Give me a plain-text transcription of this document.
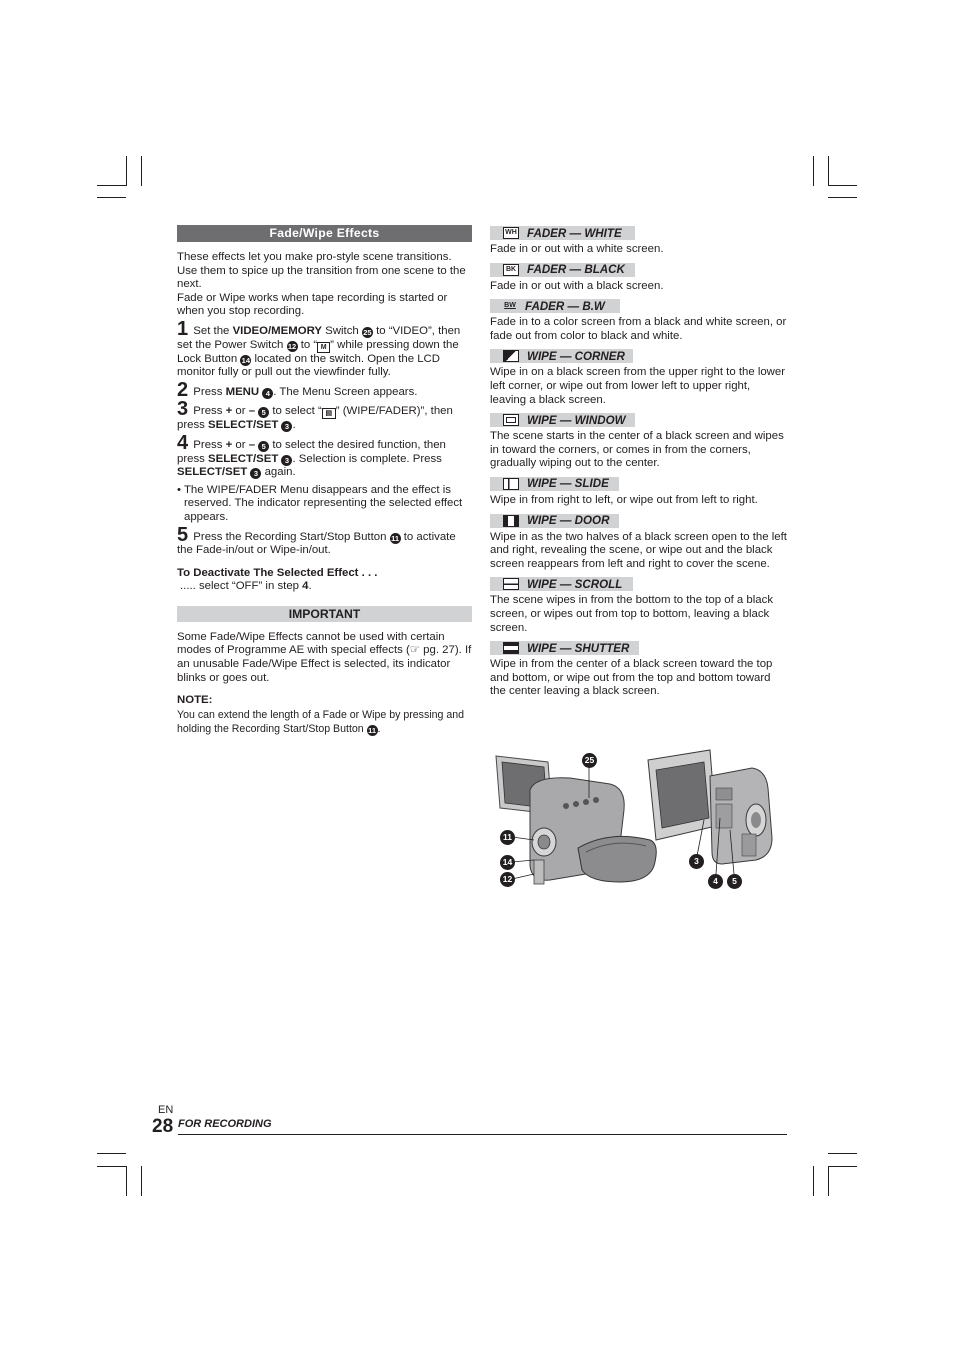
Fade/Wipe Effects

These effects let you make pro-style scene transitions. Use them to spice up the transition from one scene to the next.

Fade or Wipe works when tape recording is started or when you stop recording.

1 Set the VIDEO/MEMORY Switch 25 to “VIDEO”, then set the Power Switch 12 to “ M ” while pressing down the Lock Button 14 located on the switch. Open the LCD monitor fully or pull out the viewfinder fully.

2 Press MENU 4 . The Menu Screen appears.

3 Press + or – 5 to select “ ▤ ” (WIPE/FADER)”, then press SELECT/SET 3 .

4 Press + or – 5 to select the desired function, then press SELECT/SET 3 . Selection is complete. Press SELECT/SET 3 again.

• The WIPE/FADER Menu disappears and the effect is reserved. The indicator representing the selected effect appears.

5 Press the Recording Start/Stop Button 11 to activate the Fade-in/out or Wipe-in/out.

To Deactivate The Selected Effect . . .

..... select “OFF” in step 4.

IMPORTANT

Some Fade/Wipe Effects cannot be used with certain modes of Programme AE with special effects (☞ pg. 27). If an unusable Fade/Wipe Effect is selected, its indicator blinks or goes out.

NOTE:

You can extend the length of a Fade or Wipe by pressing and holding the Recording Start/Stop Button 11 .

WH FADER — WHITE

Fade in or out with a white screen.

BK FADER — BLACK

Fade in or out with a black screen.

BW FADER — B.W

Fade in to a color screen from a black and white screen, or fade out from color to black and white.

WIPE — CORNER

Wipe in on a black screen from the upper right to the lower left corner, or wipe out from lower left to upper right, leaving a black screen.

WIPE — WINDOW

The scene starts in the center of a black screen and wipes in toward the corners, or comes in from the corners, gradually wiping out to the center.

WIPE — SLIDE

Wipe in from right to left, or wipe out from left to right.

WIPE — DOOR

Wipe in as the two halves of a black screen open to the left and right, revealing the scene, or wipe out and the black screen reappears from left and right to cover the scene.

WIPE — SCROLL

The scene wipes in from the bottom to the top of a black screen, or wipes out from top to bottom, leaving a black screen.

WIPE — SHUTTER

Wipe in from the center of a black screen toward the top and bottom, or wipe out from the top and bottom toward the center leaving a black screen.

25
11
14
12
3
4	5
EN
28 FOR RECORDING
